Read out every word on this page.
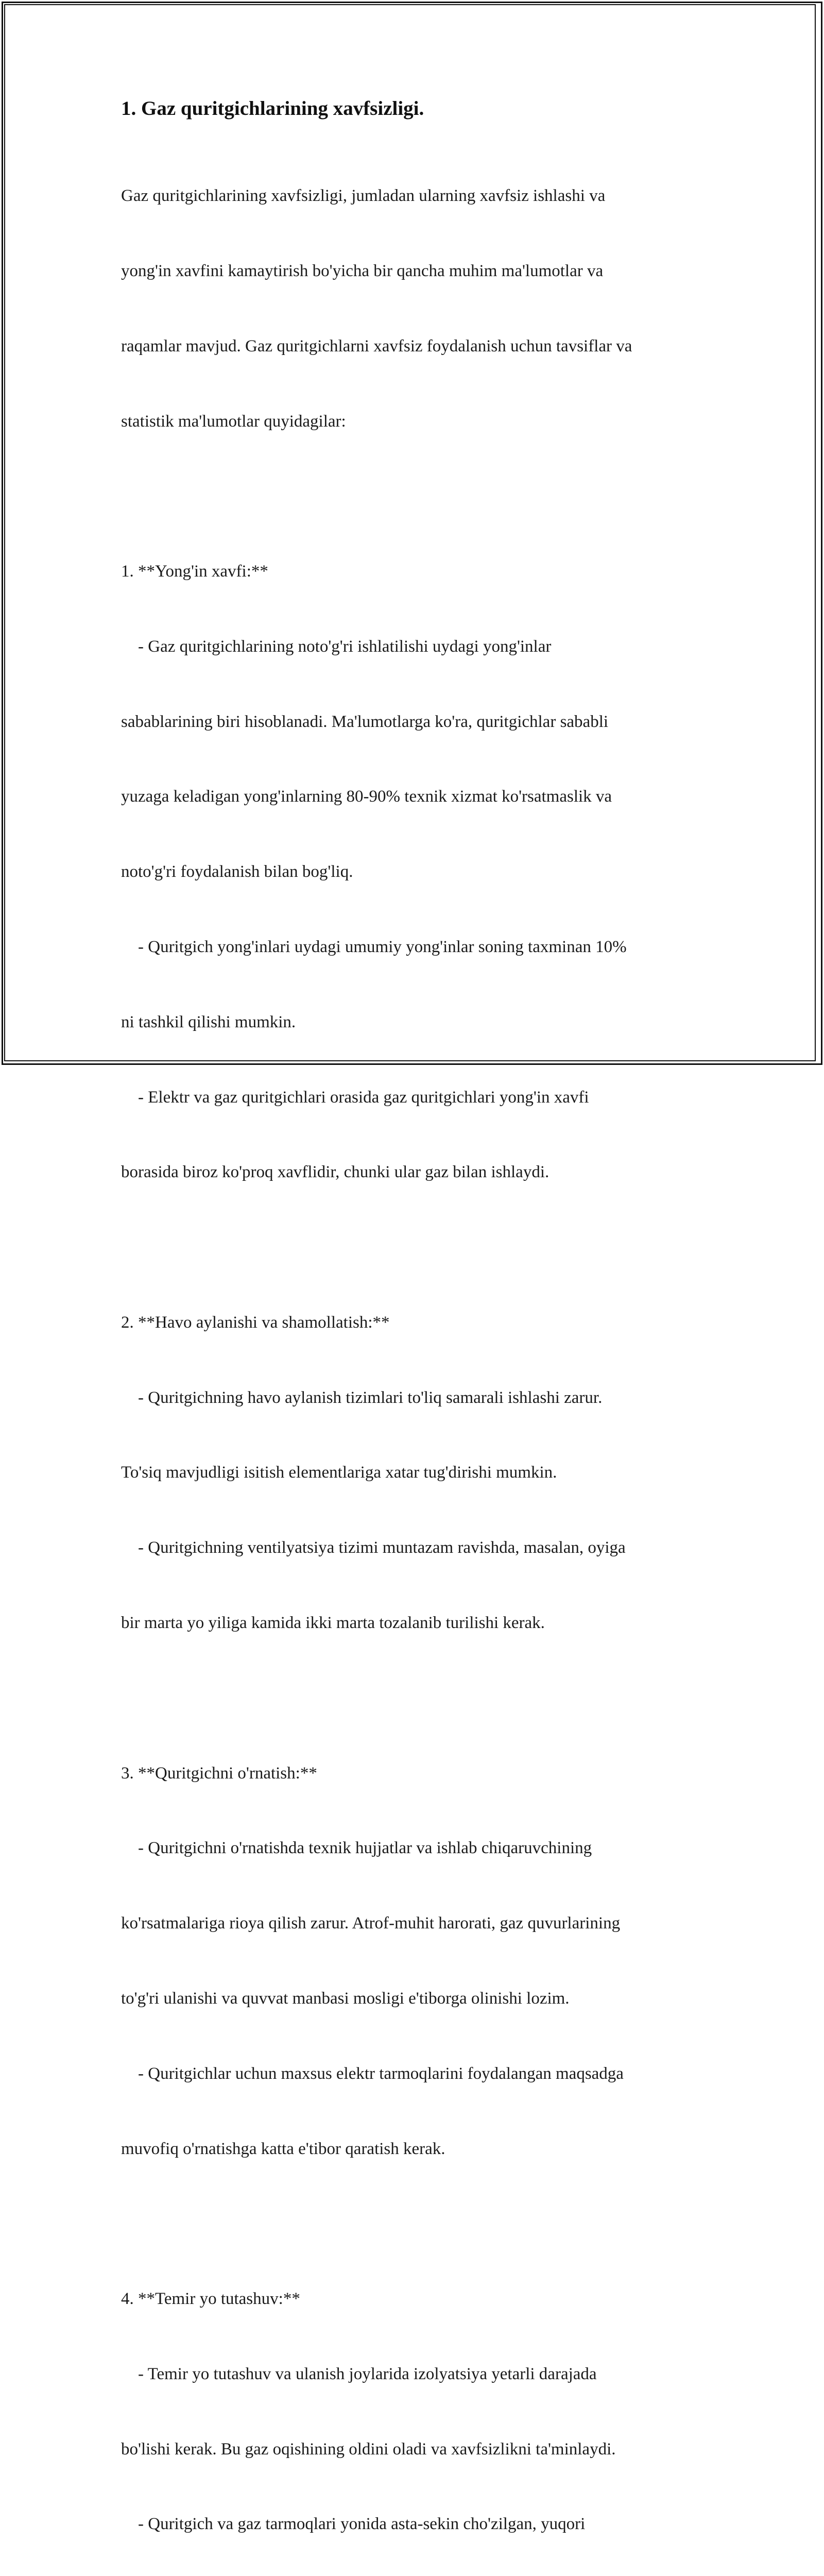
1. Gaz quritgichlarining xavfsizligi.

Gaz quritgichlarining xavfsizligi, jumladan ularning xavfsiz ishlashi va

yong'in xavfini kamaytirish bo'yicha bir qancha muhim ma'lumotlar va

raqamlar mavjud. Gaz quritgichlarni xavfsiz foydalanish uchun tavsiflar va

statistik ma'lumotlar quyidagilar:

1. **Yong'in xavfi:**

- Gaz quritgichlarining noto'g'ri ishlatilishi uydagi yong'inlar

sabablarining biri hisoblanadi. Ma'lumotlarga ko'ra, quritgichlar sababli

yuzaga keladigan yong'inlarning 80-90% texnik xizmat ko'rsatmaslik va

noto'g'ri foydalanish bilan bog'liq.

- Quritgich yong'inlari uydagi umumiy yong'inlar soning taxminan 10%

ni tashkil qilishi mumkin.

- Elektr va gaz quritgichlari orasida gaz quritgichlari yong'in xavfi

borasida biroz ko'proq xavflidir, chunki ular gaz bilan ishlaydi.

2. **Havo aylanishi va shamollatish:**

- Quritgichning havo aylanish tizimlari to'liq samarali ishlashi zarur.

To'siq mavjudligi isitish elementlariga xatar tug'dirishi mumkin.

- Quritgichning ventilyatsiya tizimi muntazam ravishda, masalan, oyiga

bir marta yo yiliga kamida ikki marta tozalanib turilishi kerak.

3. **Quritgichni o'rnatish:**

- Quritgichni o'rnatishda texnik hujjatlar va ishlab chiqaruvchining

ko'rsatmalariga rioya qilish zarur. Atrof-muhit harorati, gaz quvurlarining

to'g'ri ulanishi va quvvat manbasi mosligi e'tiborga olinishi lozim.

- Quritgichlar uchun maxsus elektr tarmoqlarini foydalangan maqsadga

muvofiq o'rnatishga katta e'tibor qaratish kerak.

4. **Temir yo tutashuv:**

- Temir yo tutashuv va ulanish joylarida izolyatsiya yetarli darajada

bo'lishi kerak. Bu gaz oqishining oldini oladi va xavfsizlikni ta'minlaydi.

- Quritgich va gaz tarmoqlari yonida asta-sekin cho'zilgan, yuqori
